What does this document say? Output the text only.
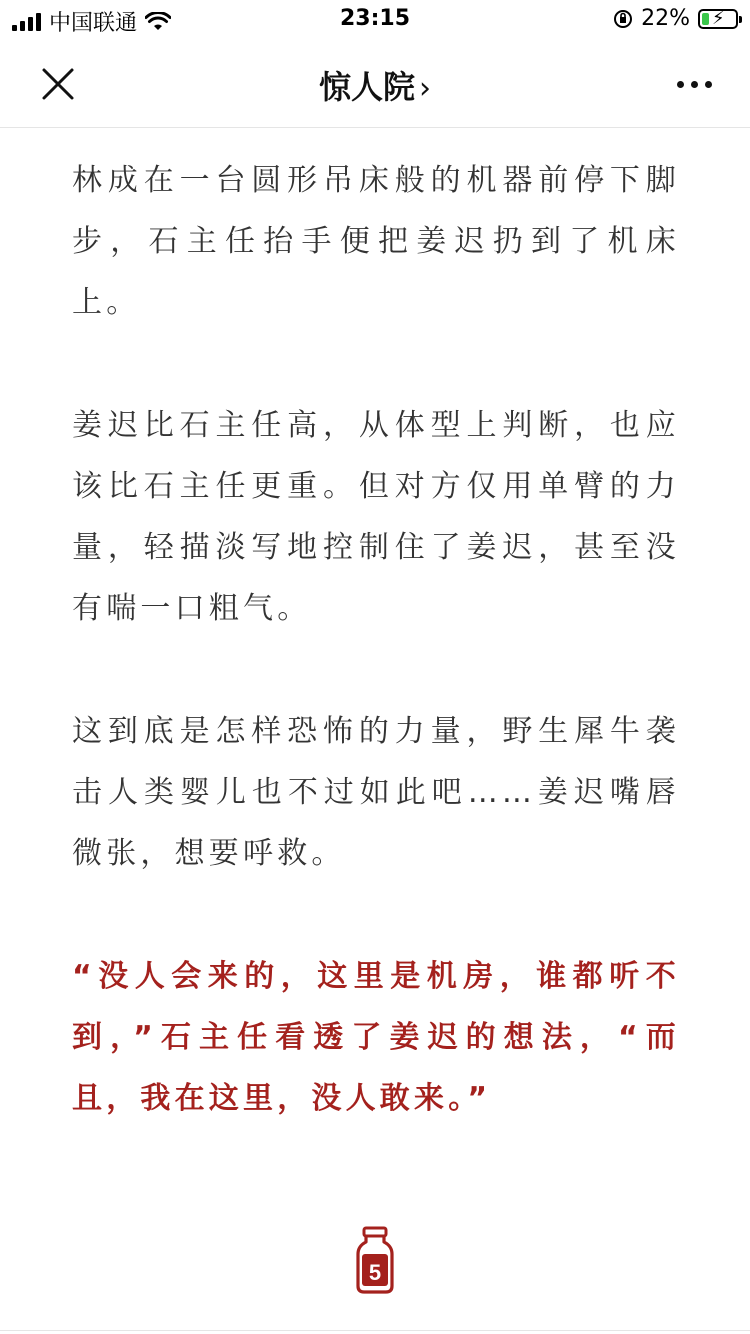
中国联通	23:15	22% ⚡
惊人院 ›

林成在一台圆形吊床般的机器前停下脚步，石主任抬手便把姜迟扔到了机床上。

姜迟比石主任高，从体型上判断，也应该比石主任更重。但对方仅用单臂的力量，轻描淡写地控制住了姜迟，甚至没有喘一口粗气。

这到底是怎样恐怖的力量，野生犀牛袭击人类婴儿也不过如此吧……姜迟嘴唇微张，想要呼救。

“没人会来的，这里是机房，谁都听不到，”石主任看透了姜迟的想法，“而且，我在这里，没人敢来。”

5
